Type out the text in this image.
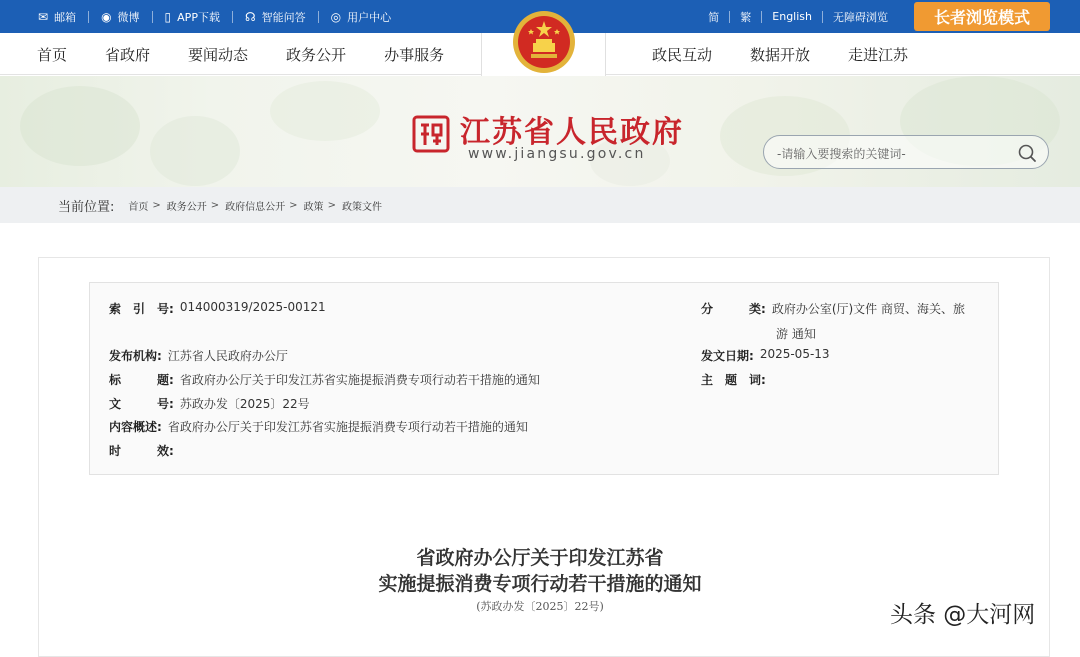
✉ 邮箱 ◉ 微博 ▯ APP下载 ☊ 智能问答 ◎ 用户中心	简 繁 English 无障碍浏览	长者浏览模式
首页	省政府	要闻动态	政务公开	办事服务	政民互动	数据开放	走进江苏
江苏省人民政府
www.jiangsu.gov.cn	-请输入要搜索的关键词-
当前位置: 首页 > 政务公开 > 政府信息公开 > 政策 > 政策文件
索　引　号: 014000319/2025-00121	分　　　类: 政府办公室(厅)文件 商贸、海关、旅
游 通知
发布机构: 江苏省人民政府办公厅	发文日期: 2025-05-13
标　　　题: 省政府办公厅关于印发江苏省实施提振消费专项行动若干措施的通知	主　题　词:
文　　　号: 苏政办发〔2025〕22号
内容概述: 省政府办公厅关于印发江苏省实施提振消费专项行动若干措施的通知
时　　　效:
省政府办公厅关于印发江苏省
实施提振消费专项行动若干措施的通知
(苏政办发〔2025〕22号)	头条 @大河网
